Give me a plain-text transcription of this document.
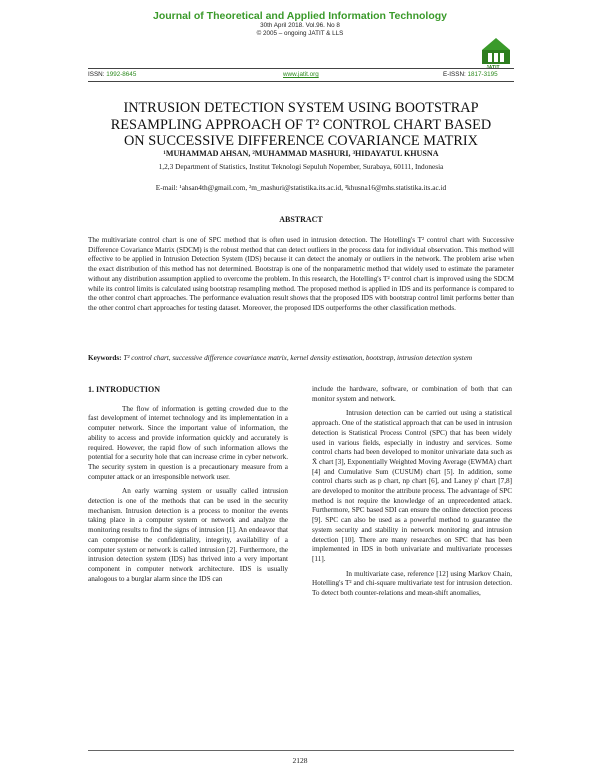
Journal of Theoretical and Applied Information Technology
30th April 2018. Vol.96. No 8
© 2005 – ongoing JATIT & LLS
JATIT
ISSN: 1992-8645	www.jatit.org	E-ISSN: 1817-3195
INTRUSION DETECTION SYSTEM USING BOOTSTRAP
RESAMPLING APPROACH OF T² CONTROL CHART BASED
ON SUCCESSIVE DIFFERENCE COVARIANCE MATRIX
¹MUHAMMAD AHSAN, ²MUHAMMAD MASHURI, ³HIDAYATUL KHUSNA
1,2,3 Department of Statistics, Institut Teknologi Sepuluh Nopember, Surabaya, 60111, Indonesia
E-mail: ¹ahsan4th@gmail.com, ²m_mashuri@statistika.its.ac.id, ³khusna16@mhs.statistika.its.ac.id
ABSTRACT

The multivariate control chart is one of SPC method that is often used in intrusion detection. The Hotelling's T² control chart with Successive Difference Covariance Matrix (SDCM) is the robust method that can detect outliers in the process data for individual observation. This method will effective to be applied in Intrusion Detection System (IDS) because it can detect the anomaly or outliers in the network. The problem arise when the exact distribution of this method has not determined. Bootstrap is one of the nonparametric method that widely used to estimate the parameter without any distribution assumption applied to overcome the problem. In this research, the Hotelling's T² control chart is improved using the SDCM while its control limits is calculated using bootstrap resampling method. The proposed method is applied in IDS and its performance is compared to the other control chart approaches. The performance evaluation result shows that the proposed IDS with bootstrap control limit performs better than the other control chart approaches for testing dataset. Moreover, the proposed IDS outperforms the other classification methods.

Keywords: T² control chart, successive difference covariance matrix, kernel density estimation, bootstrap, intrusion detection system

1. INTRODUCTION

The flow of information is getting crowded due to the fast development of internet technology and its implementation in a computer network. Since the important value of information, the ability to access and provide information quickly and accurately is required. However, the rapid flow of such information allows the potential for a security hole that can increase crime in cyber network. The security system in question is a precautionary measure from a computer attack or an irresponsible network user.

An early warning system or usually called intrusion detection is one of the methods that can be used in the security mechanism. Intrusion detection is a process to monitor the events taking place in a computer system or network and analyze the monitoring results to find the signs of intrusion [1]. An endeavor that can compromise the confidentiality, integrity, availability of a computer system or network is called intrusion [2]. Furthermore, the intrusion detection system (IDS) has thrived into a very important component in computer network architecture. IDS is usually analogous to a burglar alarm since the IDS can

include the hardware, software, or combination of both that can monitor system and network.

Intrusion detection can be carried out using a statistical approach. One of the statistical approach that can be used in intrusion detection is Statistical Process Control (SPC) that has been widely used in various fields, especially in industry and services. Some control charts had been developed to monitor univariate data such as X̄ chart [3], Exponentially Weighted Moving Average (EWMA) chart [4] and Cumulative Sum (CUSUM) chart [5]. In addition, some control charts such as p chart, np chart [6], and Laney p' chart [7,8] are developed to monitor the attribute process. The advantage of SPC method is not require the knowledge of an unprecedented attack. Furthermore, SPC based SDI can ensure the online detection process [9]. SPC can also be used as a powerful method to guarantee the system security and stability in network monitoring and intrusion detection [10]. There are many researches on SPC that has been implemented in IDS in both univariate and multivariate processes [11].

In multivariate case, reference [12] using Markov Chain, Hotelling's T² and chi-square multivariate test for intrusion detection. To detect both counter-relations and mean-shift anomalies,

2128
